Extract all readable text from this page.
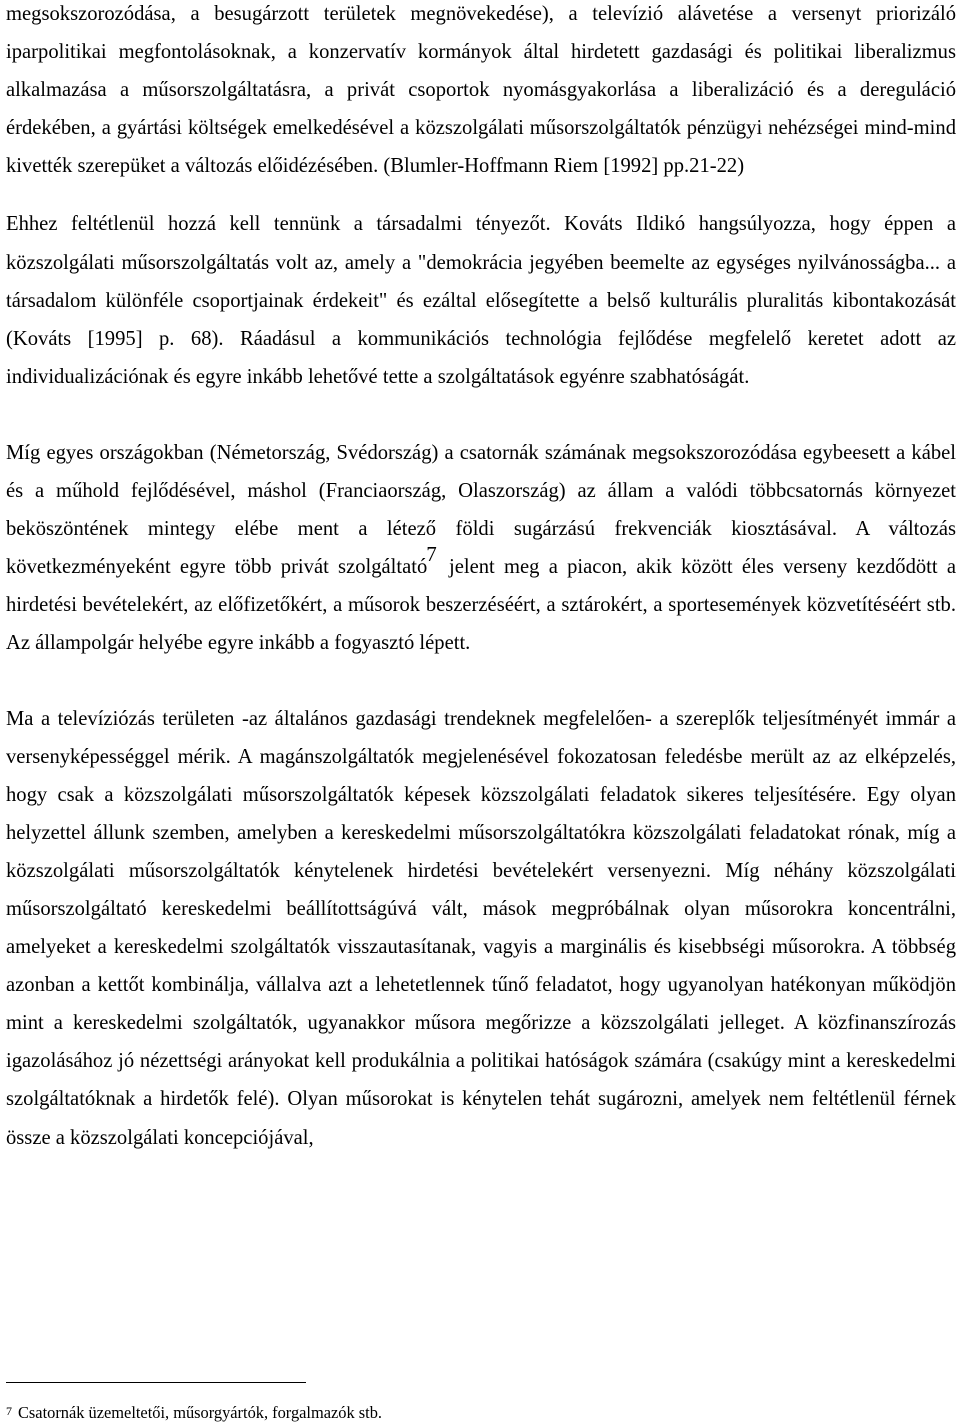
megsokszorozódása, a besugárzott területek megnövekedése), a televízió alávetése a versenyt priorizáló iparpolitikai megfontolásoknak, a konzervatív kormányok által hirdetett gazdasági és politikai liberalizmus alkalmazása a műsorszolgáltatásra, a privát csoportok nyomásgyakorlása a liberalizáció és a dereguláció érdekében, a gyártási költségek emelkedésével a közszolgálati műsorszolgáltatók pénzügyi nehézségei mind-mind kivették szerepüket a változás előidézésében. (Blumler-Hoffmann Riem [1992] pp.21-22)

Ehhez feltétlenül hozzá kell tennünk a társadalmi tényezőt. Kováts Ildikó hangsúlyozza, hogy éppen a közszolgálati műsorszolgáltatás volt az, amely a "demokrácia jegyében beemelte az egységes nyilvánosságba... a társadalom különféle csoportjainak érdekeit" és ezáltal elősegítette a belső kulturális pluralitás kibontakozását (Kováts [1995] p. 68). Ráadásul a kommunikációs technológia fejlődése megfelelő keretet adott az individualizációnak és egyre inkább lehetővé tette a szolgáltatások egyénre szabhatóságát.

Míg egyes országokban (Németország, Svédország) a csatornák számának megsokszorozódása egybeesett a kábel és a műhold fejlődésével, máshol (Franciaország, Olaszország) az állam a valódi többcsatornás környezet beköszöntének mintegy elébe ment a létező földi sugárzású frekvenciák kiosztásával. A változás következményeként egyre több privát szolgáltató7 jelent meg a piacon, akik között éles verseny kezdődött a hirdetési bevételekért, az előfizetőkért, a műsorok beszerzéséért, a sztárokért, a sportesemények közvetítéséért stb. Az állampolgár helyébe egyre inkább a fogyasztó lépett.

Ma a televíziózás területen -az általános gazdasági trendeknek megfelelően- a szereplők teljesítményét immár a versenyképességgel mérik. A magánszolgáltatók megjelenésével fokozatosan feledésbe merült az az elképzelés, hogy csak a közszolgálati műsorszolgáltatók képesek közszolgálati feladatok sikeres teljesítésére. Egy olyan helyzettel állunk szemben, amelyben a kereskedelmi műsorszolgáltatókra közszolgálati feladatokat rónak, míg a közszolgálati műsorszolgáltatók kénytelenek hirdetési bevételekért versenyezni. Míg néhány közszolgálati műsorszolgáltató kereskedelmi beállítottságúvá vált, mások megpróbálnak olyan műsorokra koncentrálni, amelyeket a kereskedelmi szolgáltatók visszautasítanak, vagyis a marginális és kisebbségi műsorokra. A többség azonban a kettőt kombinálja, vállalva azt a lehetetlennek tűnő feladatot, hogy ugyanolyan hatékonyan működjön mint a kereskedelmi szolgáltatók, ugyanakkor műsora megőrizze a közszolgálati jelleget. A közfinanszírozás igazolásához jó nézettségi arányokat kell produkálnia a politikai hatóságok számára (csakúgy mint a kereskedelmi szolgáltatóknak a hirdetők felé). Olyan műsorokat is kénytelen tehát sugározni, amelyek nem feltétlenül férnek össze a közszolgálati koncepciójával,

7 Csatornák üzemeltetői, műsorgyártók, forgalmazók stb.
